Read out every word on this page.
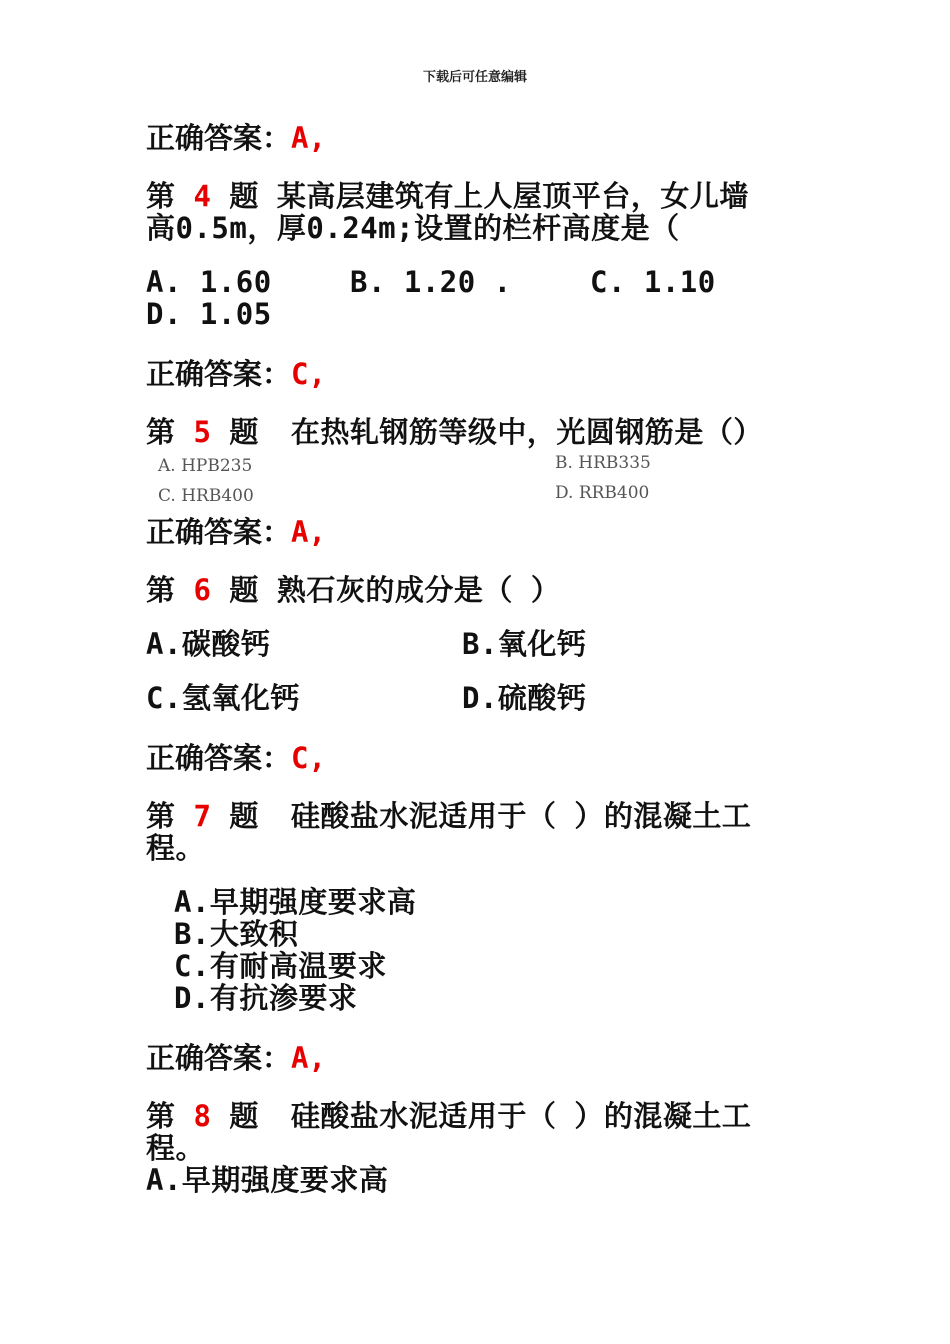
下载后可任意编辑
正确答案：A,
第 4 题 某高层建筑有上人屋顶平台，女儿墙
高0.5m，厚0.24m;设置的栏杆高度是（
A. 1.60	B. 1.20 .	C. 1.10
D. 1.05
正确答案：C,
第 5 题 在热轧钢筋等级中，光圆钢筋是（）
A. HPB235	B. HRB335
C. HRB400	D. RRB400
正确答案：A,
第 6 题 熟石灰的成分是（ ）
A.碳酸钙	B.氧化钙
C.氢氧化钙	D.硫酸钙
正确答案：C,
第 7 题 硅酸盐水泥适用于（ ）的混凝土工
程。
A.早期强度要求高
B.大致积
C.有耐高温要求
D.有抗渗要求
正确答案：A,
第 8 题 硅酸盐水泥适用于（ ）的混凝土工
程。
A.早期强度要求高
